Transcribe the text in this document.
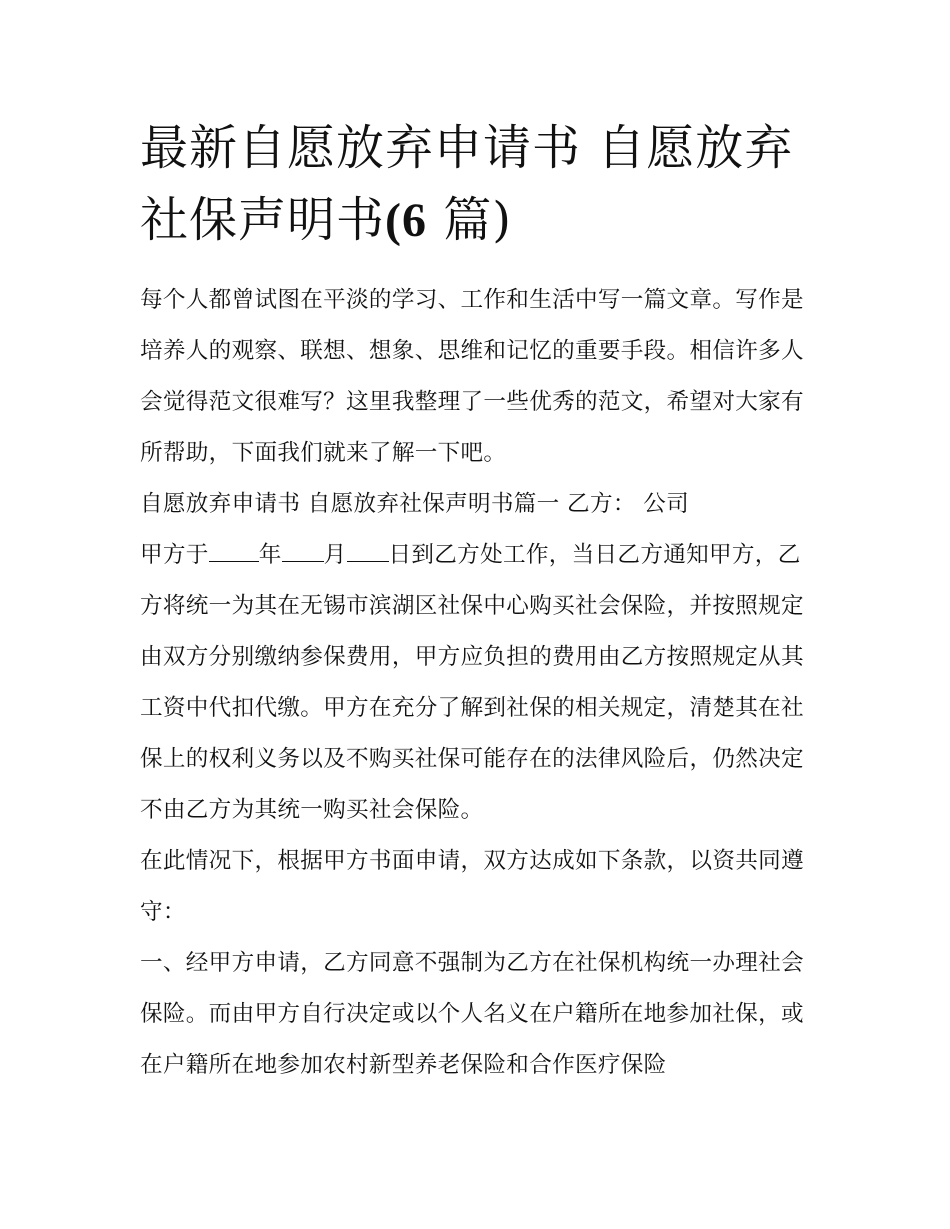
最新自愿放弃申请书 自愿放弃社保声明书(6 篇)

每个人都曾试图在平淡的学习、工作和生活中写一篇文章。写作是培养人的观察、联想、想象、思维和记忆的重要手段。相信许多人会觉得范文很难写？这里我整理了一些优秀的范文，希望对大家有所帮助，下面我们就来了解一下吧。

自愿放弃申请书 自愿放弃社保声明书篇一 乙方： 公司

甲方于 年 月 日到乙方处工作，当日乙方通知甲方，乙方将统一为其在无锡市滨湖区社保中心购买社会保险，并按照规定由双方分别缴纳参保费用，甲方应负担的费用由乙方按照规定从其工资中代扣代缴。甲方在充分了解到社保的相关规定，清楚其在社保上的权利义务以及不购买社保可能存在的法律风险后，仍然决定不由乙方为其统一购买社会保险。

在此情况下，根据甲方书面申请，双方达成如下条款，以资共同遵守：

一、经甲方申请，乙方同意不强制为乙方在社保机构统一办理社会保险。而由甲方自行决定或以个人名义在户籍所在地参加社保，或在户籍所在地参加农村新型养老保险和合作医疗保险
